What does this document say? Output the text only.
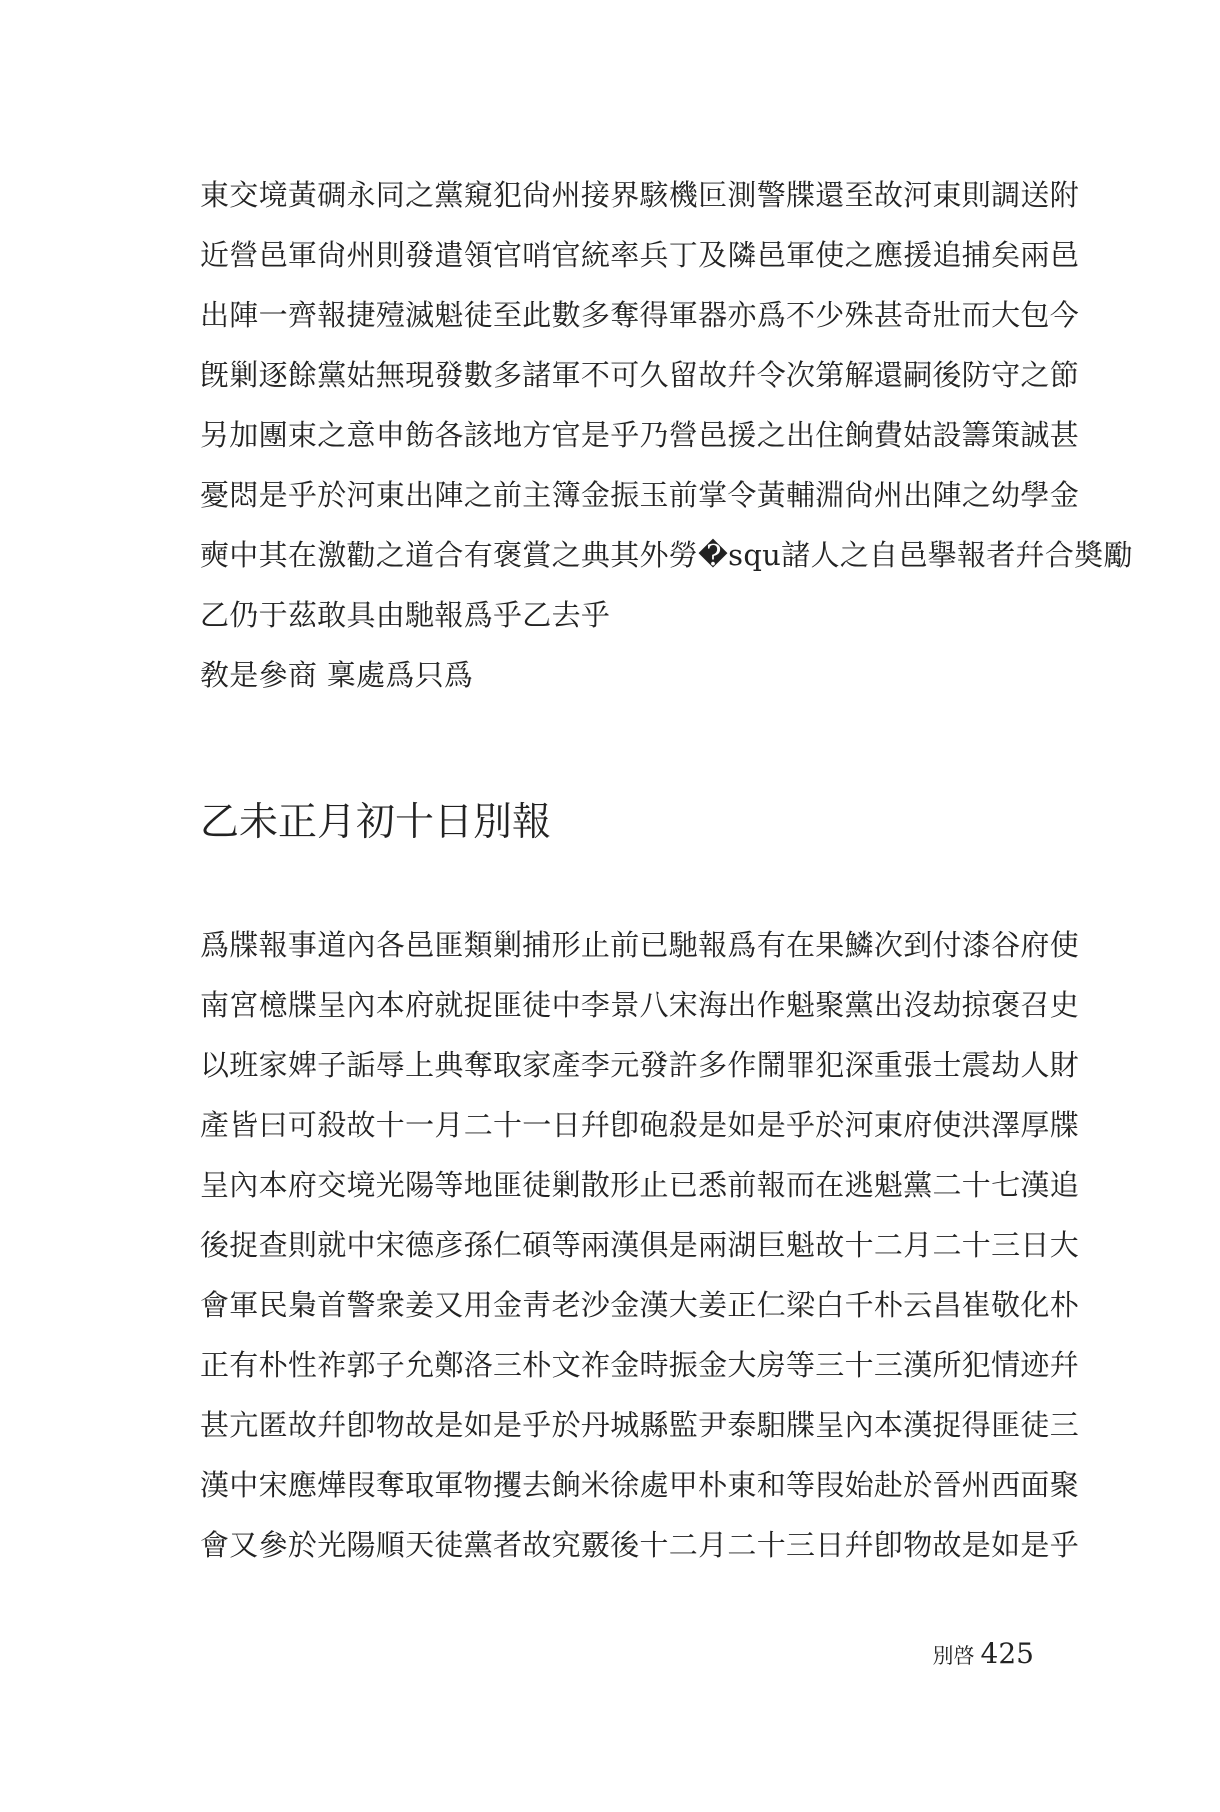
東交境黃碉永同之黨窺犯尙州接界駭機叵測警牒還至故河東則調送附
近營邑軍尙州則發遣領官哨官統率兵丁及隣邑軍使之應援追捕矣兩邑
出陣一齊報捷殪滅魁徒至此數多奪得軍器亦爲不少殊甚奇壯而大包今
旣剿逐餘黨姑無現發數多諸軍不可久留故幷令次第解還嗣後防守之節
另加團束之意申飭各該地方官是乎乃營邑援之出住餉費姑設籌策誠甚
憂悶是乎於河東出陣之前主簿金振玉前掌令黃輔淵尙州出陣之幼學金
奭中其在激勸之道合有褒賞之典其外勞�squ諸人之自邑擧報者幷合奬勵
乙仍于茲敢具由馳報爲乎乙去乎
敎是參商 稟處爲只爲
乙未正月初十日別報
爲牒報事道內各邑匪類剿捕形止前已馳報爲有在果鱗次到付漆谷府使
南宮檍牒呈內本府就捉匪徒中李景八宋海出作魁聚黨出沒劫掠褒召史
以班家婢子詬辱上典奪取家產李元發許多作鬧罪犯深重張士震劫人財
產皆曰可殺故十一月二十一日幷卽砲殺是如是乎於河東府使洪澤厚牒
呈內本府交境光陽等地匪徒剿散形止已悉前報而在逃魁黨二十七漢追
後捉查則就中宋德彦孫仁碩等兩漢俱是兩湖巨魁故十二月二十三日大
會軍民梟首警衆姜又用金靑老沙金漢大姜正仁梁白千朴云昌崔敬化朴
正有朴性祚郭子允鄭洛三朴文祚金時振金大房等三十三漢所犯情迹幷
甚亢匿故幷卽物故是如是乎於丹城縣監尹泰馹牒呈內本漢捉得匪徒三
漢中宋應燁叚奪取軍物攫去餉米徐處甲朴東和等叚始赴於晉州西面聚
會又參於光陽順天徒黨者故究覈後十二月二十三日幷卽物故是如是乎
別啓 425
